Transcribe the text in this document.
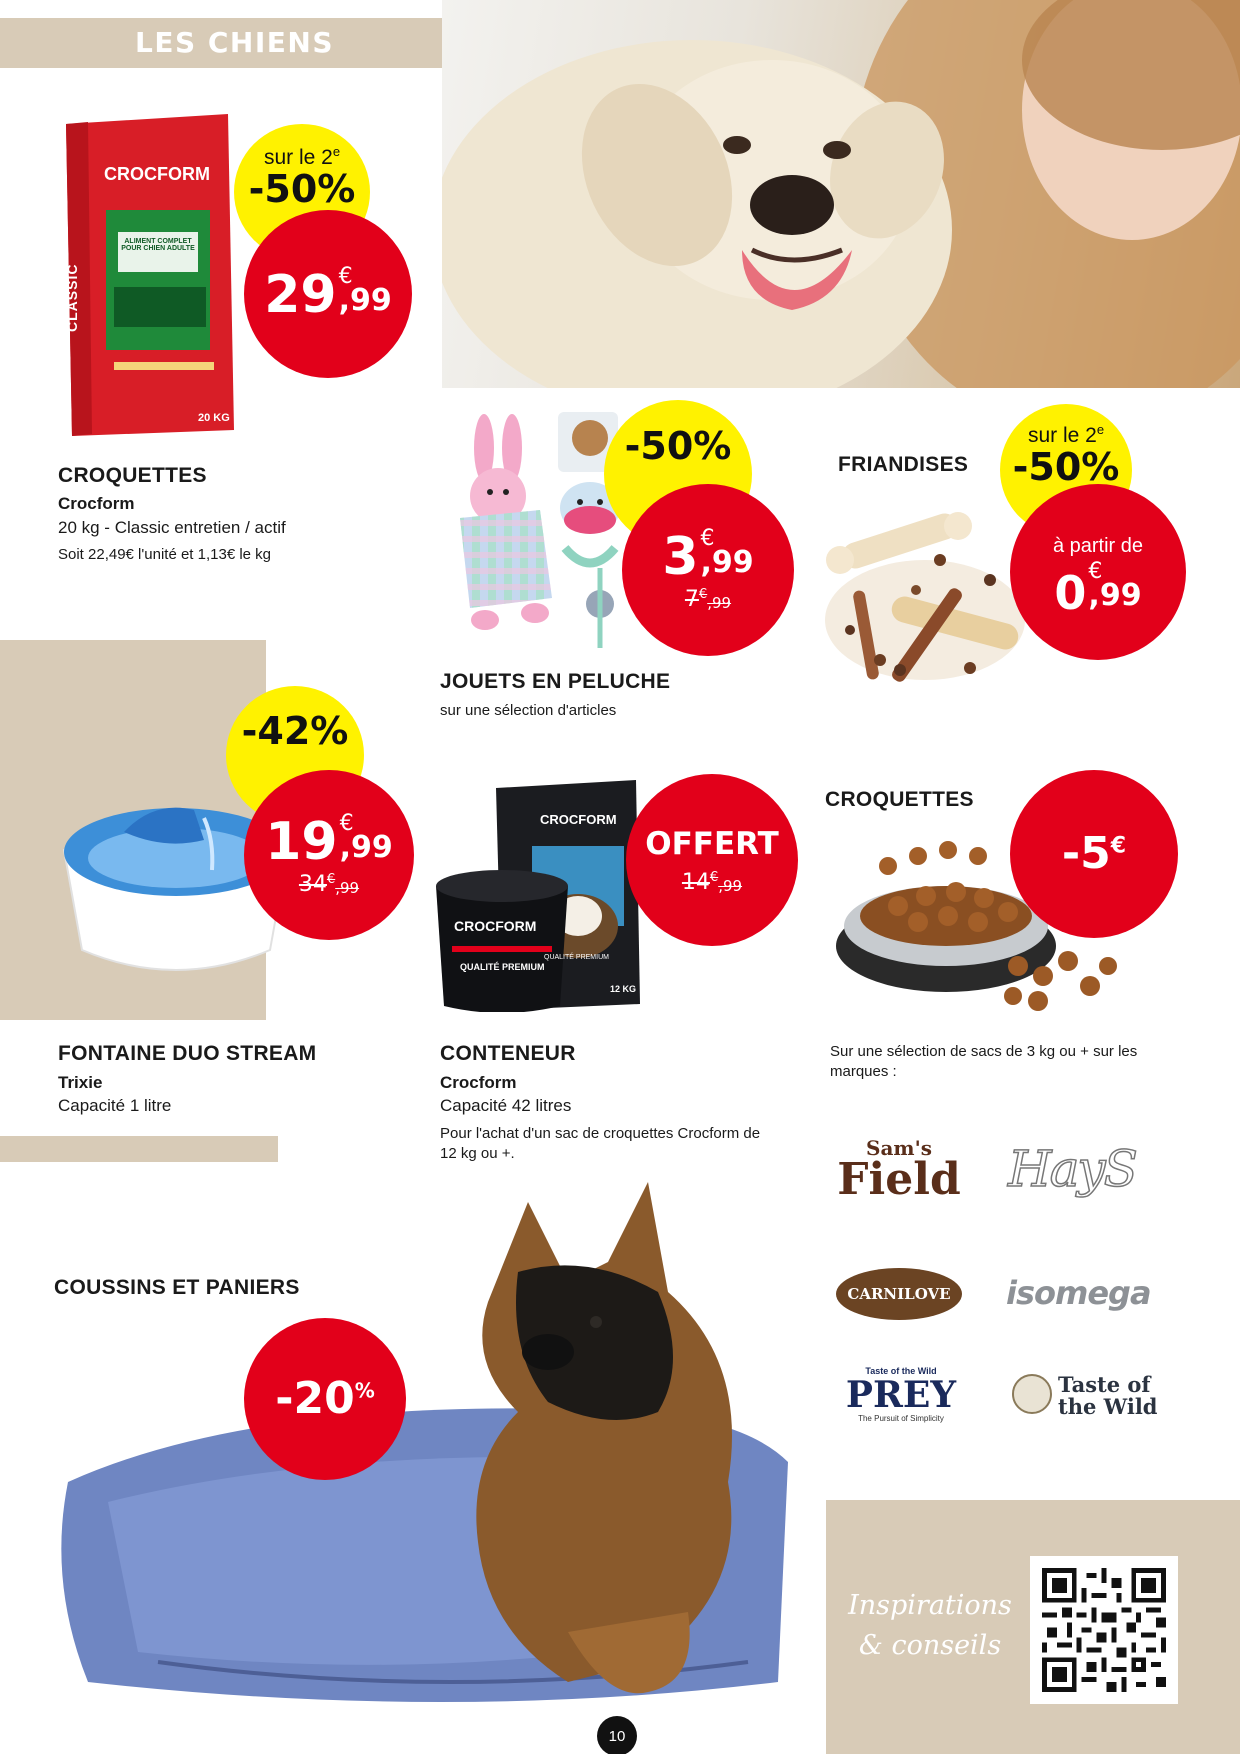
LES CHIENS
CROCFORM
CLASSIC
ALIMENT COMPLET POUR CHIEN ADULTE
20 KG
sur le 2e
-50%
29 €
,99
CROQUETTES
Crocform
20 kg - Classic entretien / actif
Soit 22,49€ l'unité et 1,13€ le kg
-50%
3 €
,99
7 € ,99
JOUETS EN PELUCHE
sur une sélection d'articles
FRIANDISES
sur le 2e
-50%
à partir de
0 €
,99
-42%
19 €
,99
34 € ,99
FONTAINE DUO STREAM
Trixie
Capacité 1 litre
CROCFORM
QUALITÉ PREMIUM
12 KG
CROCFORM
QUALITÉ PREMIUM
OFFERT
14 € ,99
CONTENEUR
Crocform
Capacité 42 litres
Pour l'achat d'un sac de croquettes Crocform de 12 kg ou +.
CROQUETTES
-5€
Sur une sélection de sacs de 3 kg ou + sur les marques :
Sam's
Field HayS
CARNILOVE	isomega
Taste of the Wild
PREY
The Pursuit of Simplicity
Taste of
the Wild
COUSSINS ET PANIERS
-20%
Inspirations
& conseils
10
